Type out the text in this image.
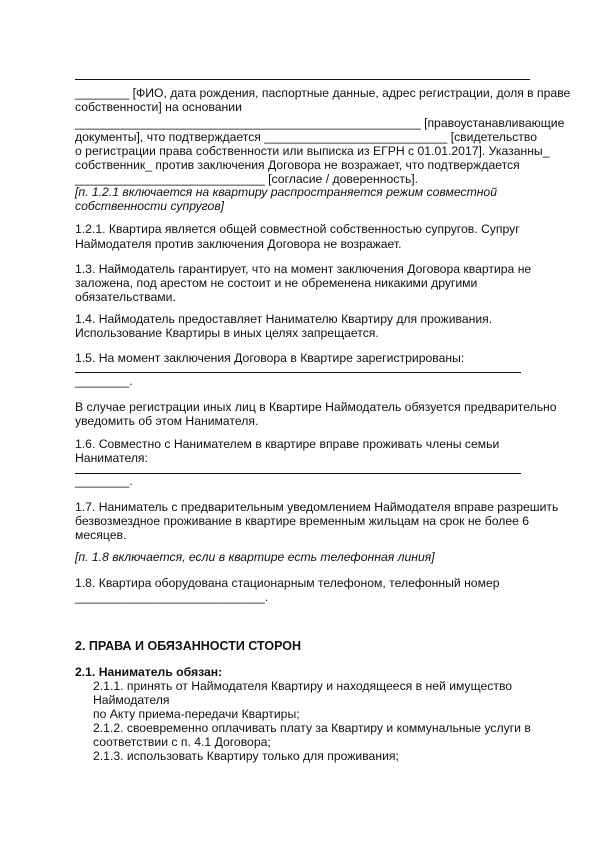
________ [ФИО, дата рождения, паспортные данные, адрес регистрации, доля в праве
собственности] на основании
___________________________________________________ [правоустанавливающие
документы], что подтверждается ___________________________ [свидетельство
о регистрации права собственности или выписка из ЕГРН с 01.01.2017]. Указанны_
собственник_ против заключения Договора не возражает, что подтверждается
____________________________ [согласие / доверенность].
[п. 1.2.1 включается на квартиру распространяется режим совместной
собственности супругов]
1.2.1. Квартира является общей совместной собственностью супругов. Супруг
Наймодателя против заключения Договора не возражает.
1.3. Наймодатель гарантирует, что на момент заключения Договора квартира не
заложена, под арестом не состоит и не обременена никакими другими
обязательствами.
1.4. Наймодатель предоставляет Нанимателю Квартиру для проживания.
Использование Квартиры в иных целях запрещается.
1.5. На момент заключения Договора в Квартире зарегистрированы:
________.
В случае регистрации иных лиц в Квартире Наймодатель обязуется предварительно
уведомить об этом Нанимателя.
1.6. Совместно с Нанимателем в квартире вправе проживать члены семьи
Нанимателя:
________.
1.7. Наниматель с предварительным уведомлением Наймодателя вправе разрешить
безвозмездное проживание в квартире временным жильцам на срок не более 6
месяцев.
[п. 1.8 включается, если в квартире есть телефонная линия]
1.8. Квартира оборудована стационарным телефоном, телефонный номер
____________________________.
2. ПРАВА И ОБЯЗАННОСТИ СТОРОН
2.1. Наниматель обязан:
2.1.1. принять от Наймодателя Квартиру и находящееся в ней имущество
Наймодателя
по Акту приема-передачи Квартиры;
2.1.2. своевременно оплачивать плату за Квартиру и коммунальные услуги в
соответствии с п. 4.1 Договора;
2.1.3. использовать Квартиру только для проживания;
